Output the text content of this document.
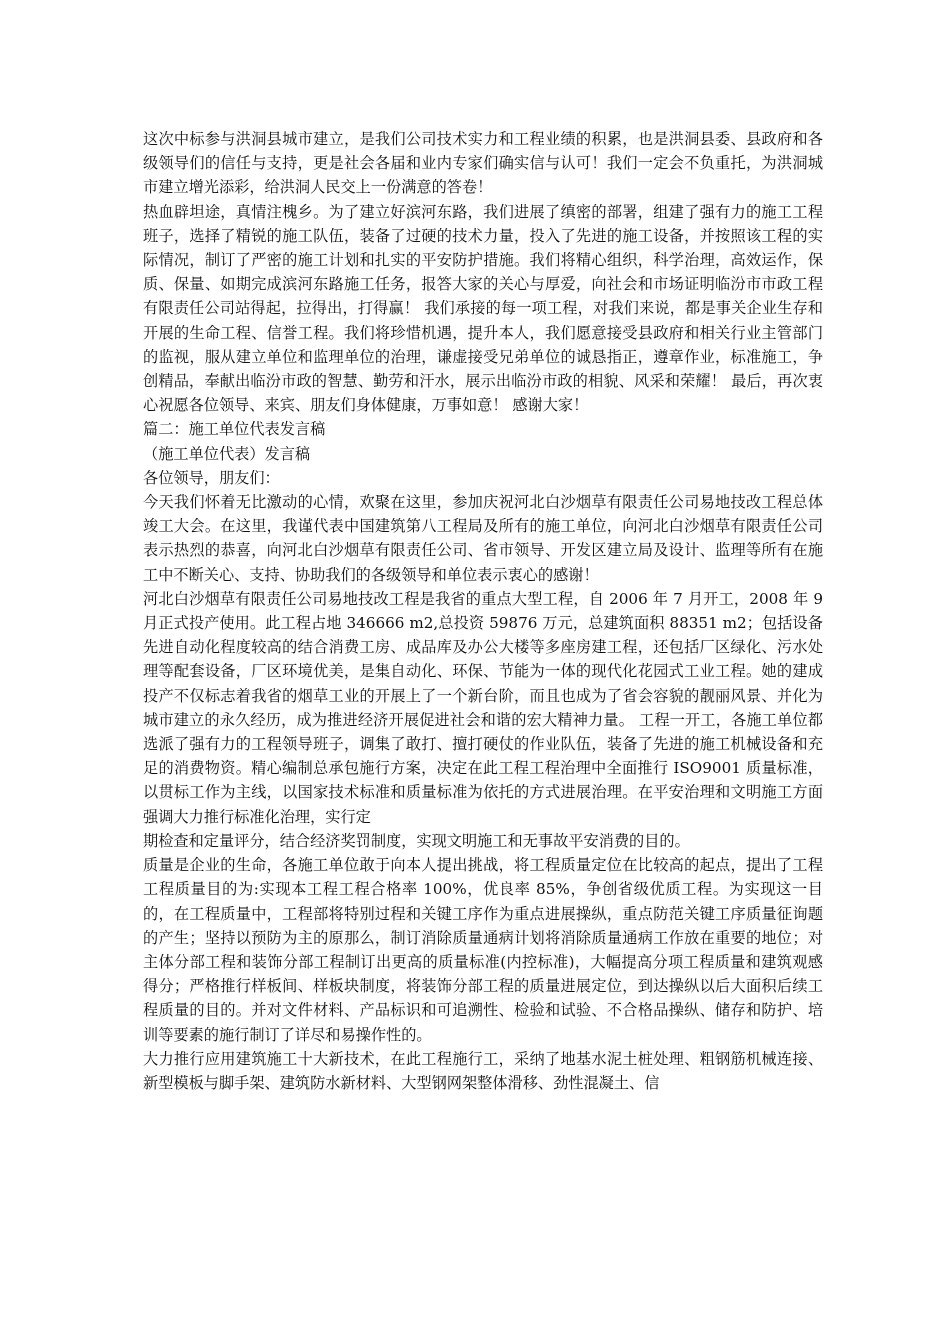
这次中标参与洪洞县城市建立，是我们公司技术实力和工程业绩的积累，也是洪洞县委、县政府和各级领导们的信任与支持，更是社会各届和业内专家们确实信与认可！我们一定会不负重托，为洪洞城市建立增光添彩，给洪洞人民交上一份满意的答卷！

热血辟坦途，真情注槐乡。为了建立好滨河东路，我们进展了缜密的部署，组建了强有力的施工工程班子，选择了精锐的施工队伍，装备了过硬的技术力量，投入了先进的施工设备，并按照该工程的实际情况，制订了严密的施工计划和扎实的平安防护措施。我们将精心组织，科学治理，高效运作，保质、保量、如期完成滨河东路施工任务，报答大家的关心与厚爱，向社会和市场证明临汾市市政工程有限责任公司站得起，拉得出，打得赢！ 我们承接的每一项工程，对我们来说，都是事关企业生存和开展的生命工程、信誉工程。我们将珍惜机遇，提升本人，我们愿意接受县政府和相关行业主管部门的监视，服从建立单位和监理单位的治理，谦虚接受兄弟单位的诚恳指正，遵章作业，标准施工，争创精品，奉献出临汾市政的智慧、勤劳和汗水，展示出临汾市政的相貌、风采和荣耀！ 最后，再次衷心祝愿各位领导、来宾、朋友们身体健康，万事如意！ 感谢大家！

篇二：施工单位代表发言稿

（施工单位代表）发言稿

各位领导，朋友们：

今天我们怀着无比激动的心情，欢聚在这里，参加庆祝河北白沙烟草有限责任公司易地技改工程总体竣工大会。在这里，我谨代表中国建筑第八工程局及所有的施工单位，向河北白沙烟草有限责任公司表示热烈的恭喜，向河北白沙烟草有限责任公司、省市领导、开发区建立局及设计、监理等所有在施工中不断关心、支持、协助我们的各级领导和单位表示衷心的感谢！

河北白沙烟草有限责任公司易地技改工程是我省的重点大型工程，自 2006 年 7 月开工，2008 年 9 月正式投产使用。此工程占地 346666 m2,总投资 59876 万元，总建筑面积 88351 m2；包括设备先进自动化程度较高的结合消费工房、成品库及办公大楼等多座房建工程，还包括厂区绿化、污水处理等配套设备，厂区环境优美，是集自动化、环保、节能为一体的现代化花园式工业工程。她的建成投产不仅标志着我省的烟草工业的开展上了一个新台阶，而且也成为了省会容貌的靓丽风景、并化为城市建立的永久经历，成为推进经济开展促进社会和谐的宏大精神力量。 工程一开工，各施工单位都选派了强有力的工程领导班子，调集了敢打、擅打硬仗的作业队伍，装备了先进的施工机械设备和充足的消费物资。精心编制总承包施行方案，决定在此工程工程治理中全面推行 ISO9001 质量标准，以贯标工作为主线，以国家技术标准和质量标准为依托的方式进展治理。在平安治理和文明施工方面强调大力推行标准化治理，实行定

期检查和定量评分，结合经济奖罚制度，实现文明施工和无事故平安消费的目的。

质量是企业的生命，各施工单位敢于向本人提出挑战，将工程质量定位在比较高的起点，提出了工程工程质量目的为:实现本工程工程合格率 100%，优良率 85%，争创省级优质工程。为实现这一目的，在工程质量中，工程部将特别过程和关键工序作为重点进展操纵，重点防范关键工序质量征询题的产生；坚持以预防为主的原那么，制订消除质量通病计划将消除质量通病工作放在重要的地位；对主体分部工程和装饰分部工程制订出更高的质量标准(内控标准)，大幅提高分项工程质量和建筑观感得分；严格推行样板间、样板块制度，将装饰分部工程的质量进展定位，到达操纵以后大面积后续工程质量的目的。并对文件材料、产品标识和可追溯性、检验和试验、不合格品操纵、储存和防护、培训等要素的施行制订了详尽和易操作性的。

大力推行应用建筑施工十大新技术，在此工程施行工，采纳了地基水泥土桩处理、粗钢筋机械连接、新型模板与脚手架、建筑防水新材料、大型钢网架整体滑移、劲性混凝土、信
